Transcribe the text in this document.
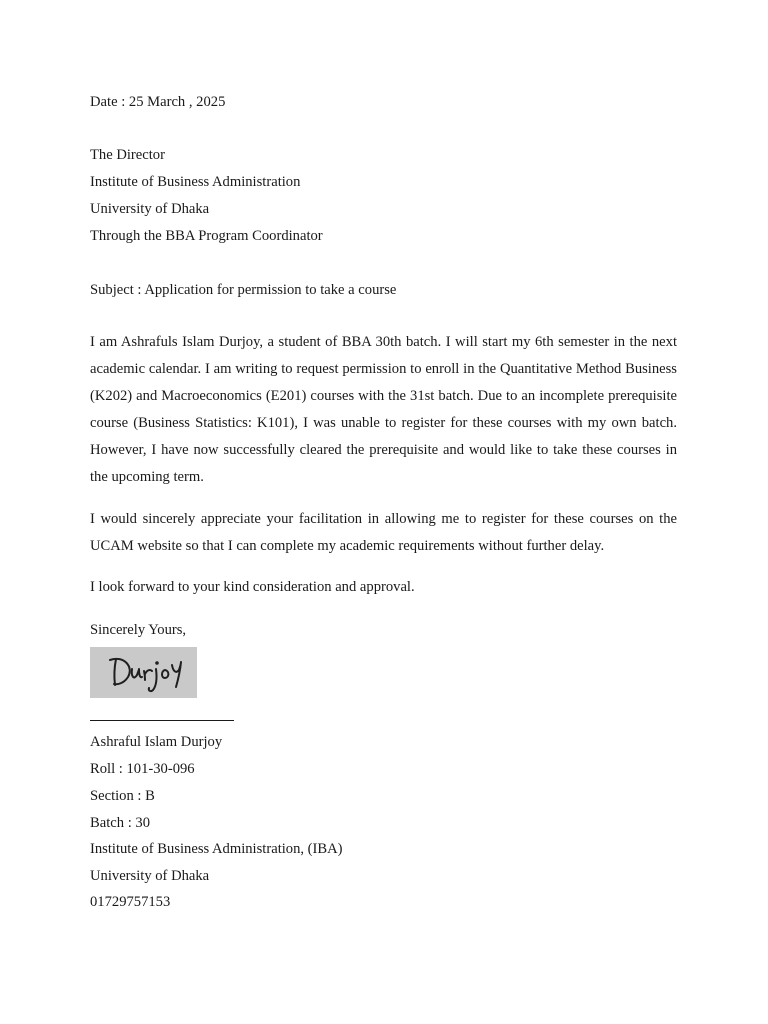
Date : 25 March , 2025
The Director
Institute of Business Administration
University of Dhaka
Through the BBA Program Coordinator
Subject : Application for permission to take a course

I am Ashrafuls Islam Durjoy, a student of BBA 30th batch. I will start my 6th semester in the next academic calendar. I am writing to request permission to enroll in the Quantitative Method Business (K202) and Macroeconomics (E201) courses with the 31st batch. Due to an incomplete prerequisite course (Business Statistics: K101), I was unable to register for these courses with my own batch. However, I have now successfully cleared the prerequisite and would like to take these courses in the upcoming term.

I would sincerely appreciate your facilitation in allowing me to register for these courses on the UCAM website so that I can complete my academic requirements without further delay.

I look forward to your kind consideration and approval.
Sincerely Yours,
Ashraful Islam Durjoy
Roll : 101-30-096
Section : B
Batch : 30
Institute of Business Administration, (IBA)
University of Dhaka
01729757153
